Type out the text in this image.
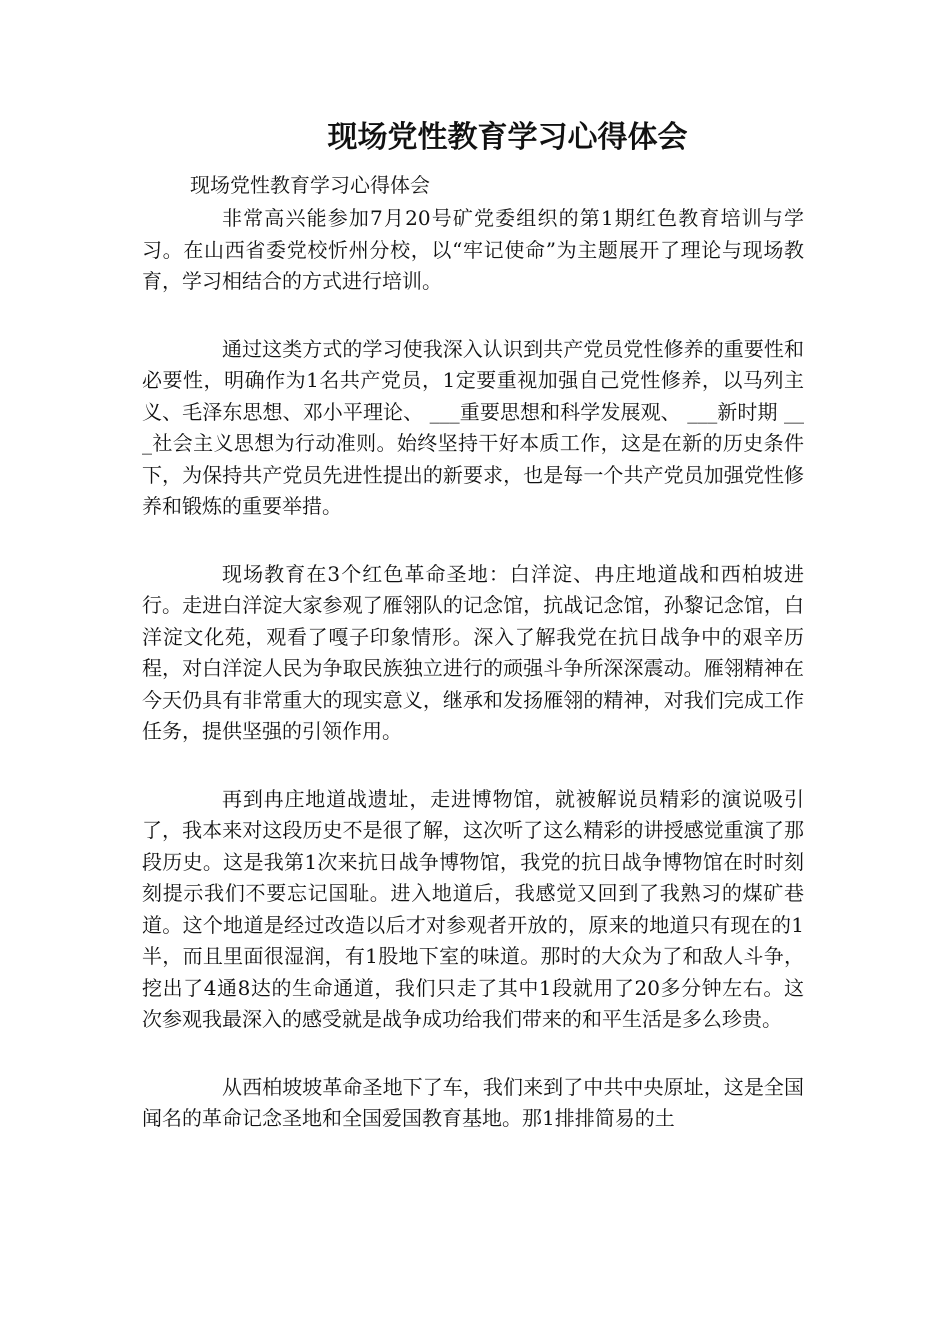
现场党性教育学习心得体会
现场党性教育学习心得体会

非常高兴能参加7月20号矿党委组织的第1期红色教育培训与学习。在山西省委党校忻州分校，以“牢记使命”为主题展开了理论与现场教育，学习相结合的方式进行培训。

通过这类方式的学习使我深入认识到共产党员党性修养的重要性和必要性，明确作为1名共产党员，1定要重视加强自己党性修养，以马列主义、毛泽东思想、邓小平理论、 ___重要思想和科学发展观、 ___新时期 ___社会主义思想为行动准则。始终坚持干好本质工作，这是在新的历史条件下，为保持共产党员先进性提出的新要求，也是每一个共产党员加强党性修养和锻炼的重要举措。

现场教育在3个红色革命圣地：白洋淀、冉庄地道战和西柏坡进行。走进白洋淀大家参观了雁翎队的记念馆，抗战记念馆，孙黎记念馆，白洋淀文化苑，观看了嘎子印象情形。深入了解我党在抗日战争中的艰辛历程，对白洋淀人民为争取民族独立进行的顽强斗争所深深震动。雁翎精神在今天仍具有非常重大的现实意义，继承和发扬雁翎的精神，对我们完成工作任务，提供坚强的引领作用。

再到冉庄地道战遗址，走进博物馆，就被解说员精彩的演说吸引了，我本来对这段历史不是很了解，这次听了这么精彩的讲授感觉重演了那段历史。这是我第1次来抗日战争博物馆，我党的抗日战争博物馆在时时刻刻提示我们不要忘记国耻。进入地道后，我感觉又回到了我熟习的煤矿巷道。这个地道是经过改造以后才对参观者开放的，原来的地道只有现在的1半，而且里面很湿润，有1股地下室的味道。那时的大众为了和敌人斗争，挖出了4通8达的生命通道，我们只走了其中1段就用了20多分钟左右。这次参观我最深入的感受就是战争成功给我们带来的和平生活是多么珍贵。

从西柏坡坡革命圣地下了车，我们来到了中共中央原址，这是全国闻名的革命记念圣地和全国爱国教育基地。那1排排简易的土
